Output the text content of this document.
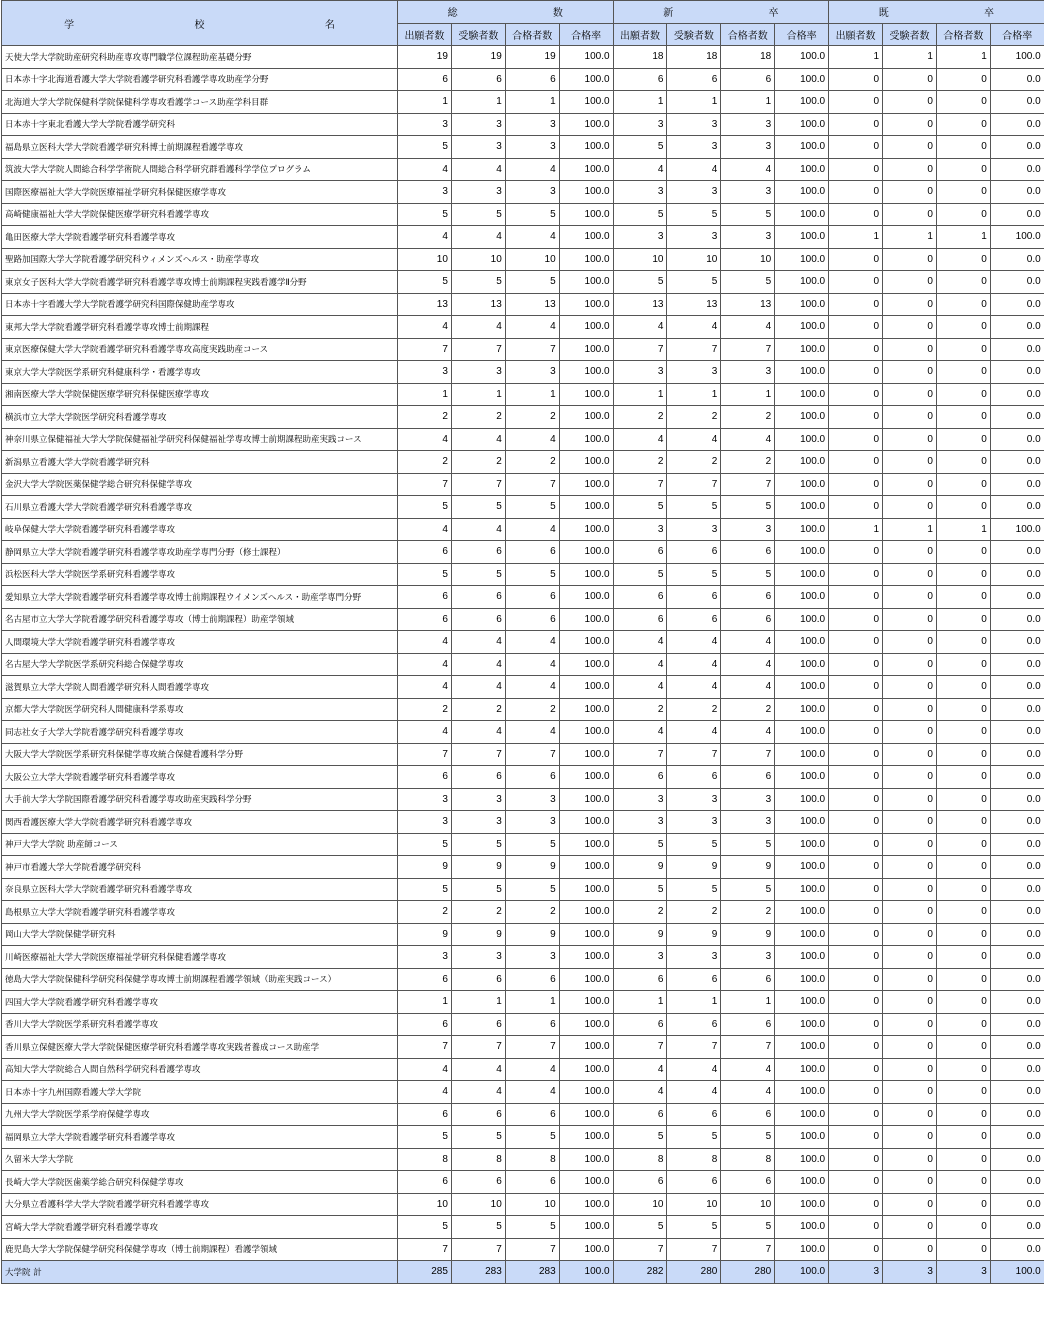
学 校 名	総 数				新 卒				既 卒			

	出願者数	受験者数	合格者数	合格率	出願者数	受験者数	合格者数	合格率	出願者数	受験者数	合格者数	合格率
天使大学大学院助産研究科助産専攻専門職学位課程助産基礎分野	19	19	19	100.0	18	18	18	100.0	1	1	1	100.0
日本赤十字北海道看護大学大学院看護学研究科看護学専攻助産学分野	6	6	6	100.0	6	6	6	100.0	0	0	0	0.0
北海道大学大学院保健科学院保健科学専攻看護学コース助産学科目群	1	1	1	100.0	1	1	1	100.0	0	0	0	0.0
日本赤十字東北看護大学大学院看護学研究科	3	3	3	100.0	3	3	3	100.0	0	0	0	0.0
福島県立医科大学大学院看護学研究科博士前期課程看護学専攻	5	3	3	100.0	5	3	3	100.0	0	0	0	0.0
筑波大学大学院人間総合科学学術院人間総合科学研究群看護科学学位プログラム	4	4	4	100.0	4	4	4	100.0	0	0	0	0.0
国際医療福祉大学大学院医療福祉学研究科保健医療学専攻	3	3	3	100.0	3	3	3	100.0	0	0	0	0.0
高崎健康福祉大学大学院保健医療学研究科看護学専攻	5	5	5	100.0	5	5	5	100.0	0	0	0	0.0
亀田医療大学大学院看護学研究科看護学専攻	4	4	4	100.0	3	3	3	100.0	1	1	1	100.0
聖路加国際大学大学院看護学研究科ウィメンズヘルス・助産学専攻	10	10	10	100.0	10	10	10	100.0	0	0	0	0.0
東京女子医科大学大学院看護学研究科看護学専攻博士前期課程実践看護学Ⅱ分野	5	5	5	100.0	5	5	5	100.0	0	0	0	0.0
日本赤十字看護大学大学院看護学研究科国際保健助産学専攻	13	13	13	100.0	13	13	13	100.0	0	0	0	0.0
東邦大学大学院看護学研究科看護学専攻博士前期課程	4	4	4	100.0	4	4	4	100.0	0	0	0	0.0
東京医療保健大学大学院看護学研究科看護学専攻高度実践助産コース	7	7	7	100.0	7	7	7	100.0	0	0	0	0.0
東京大学大学院医学系研究科健康科学・看護学専攻	3	3	3	100.0	3	3	3	100.0	0	0	0	0.0
湘南医療大学大学院保健医療学研究科保健医療学専攻	1	1	1	100.0	1	1	1	100.0	0	0	0	0.0
横浜市立大学大学院医学研究科看護学専攻	2	2	2	100.0	2	2	2	100.0	0	0	0	0.0
神奈川県立保健福祉大学大学院保健福祉学研究科保健福祉学専攻博士前期課程助産実践コース	4	4	4	100.0	4	4	4	100.0	0	0	0	0.0
新潟県立看護大学大学院看護学研究科	2	2	2	100.0	2	2	2	100.0	0	0	0	0.0
金沢大学大学院医薬保健学総合研究科保健学専攻	7	7	7	100.0	7	7	7	100.0	0	0	0	0.0
石川県立看護大学大学院看護学研究科看護学専攻	5	5	5	100.0	5	5	5	100.0	0	0	0	0.0
岐阜保健大学大学院看護学研究科看護学専攻	4	4	4	100.0	3	3	3	100.0	1	1	1	100.0
静岡県立大学大学院看護学研究科看護学専攻助産学専門分野（修士課程）	6	6	6	100.0	6	6	6	100.0	0	0	0	0.0
浜松医科大学大学院医学系研究科看護学専攻	5	5	5	100.0	5	5	5	100.0	0	0	0	0.0
愛知県立大学大学院看護学研究科看護学専攻博士前期課程ウイメンズヘルス・助産学専門分野	6	6	6	100.0	6	6	6	100.0	0	0	0	0.0
名古屋市立大学大学院看護学研究科看護学専攻（博士前期課程）助産学領域	6	6	6	100.0	6	6	6	100.0	0	0	0	0.0
人間環境大学大学院看護学研究科看護学専攻	4	4	4	100.0	4	4	4	100.0	0	0	0	0.0
名古屋大学大学院医学系研究科総合保健学専攻	4	4	4	100.0	4	4	4	100.0	0	0	0	0.0
滋賀県立大学大学院人間看護学研究科人間看護学専攻	4	4	4	100.0	4	4	4	100.0	0	0	0	0.0
京都大学大学院医学研究科人間健康科学系専攻	2	2	2	100.0	2	2	2	100.0	0	0	0	0.0
同志社女子大学大学院看護学研究科看護学専攻	4	4	4	100.0	4	4	4	100.0	0	0	0	0.0
大阪大学大学院医学系研究科保健学専攻統合保健看護科学分野	7	7	7	100.0	7	7	7	100.0	0	0	0	0.0
大阪公立大学大学院看護学研究科看護学専攻	6	6	6	100.0	6	6	6	100.0	0	0	0	0.0
大手前大学大学院国際看護学研究科看護学専攻助産実践科学分野	3	3	3	100.0	3	3	3	100.0	0	0	0	0.0
関西看護医療大学大学院看護学研究科看護学専攻	3	3	3	100.0	3	3	3	100.0	0	0	0	0.0
神戸大学大学院 助産師コース	5	5	5	100.0	5	5	5	100.0	0	0	0	0.0
神戸市看護大学大学院看護学研究科	9	9	9	100.0	9	9	9	100.0	0	0	0	0.0
奈良県立医科大学大学院看護学研究科看護学専攻	5	5	5	100.0	5	5	5	100.0	0	0	0	0.0
島根県立大学大学院看護学研究科看護学専攻	2	2	2	100.0	2	2	2	100.0	0	0	0	0.0
岡山大学大学院保健学研究科	9	9	9	100.0	9	9	9	100.0	0	0	0	0.0
川崎医療福祉大学大学院医療福祉学研究科保健看護学専攻	3	3	3	100.0	3	3	3	100.0	0	0	0	0.0
徳島大学大学院保健科学研究科保健学専攻博士前期課程看護学領域（助産実践コース）	6	6	6	100.0	6	6	6	100.0	0	0	0	0.0
四国大学大学院看護学研究科看護学専攻	1	1	1	100.0	1	1	1	100.0	0	0	0	0.0
香川大学大学院医学系研究科看護学専攻	6	6	6	100.0	6	6	6	100.0	0	0	0	0.0
香川県立保健医療大学大学院保健医療学研究科看護学専攻実践者養成コース助産学	7	7	7	100.0	7	7	7	100.0	0	0	0	0.0
高知大学大学院総合人間自然科学研究科看護学専攻	4	4	4	100.0	4	4	4	100.0	0	0	0	0.0
日本赤十字九州国際看護大学大学院	4	4	4	100.0	4	4	4	100.0	0	0	0	0.0
九州大学大学院医学系学府保健学専攻	6	6	6	100.0	6	6	6	100.0	0	0	0	0.0
福岡県立大学大学院看護学研究科看護学専攻	5	5	5	100.0	5	5	5	100.0	0	0	0	0.0
久留米大学大学院	8	8	8	100.0	8	8	8	100.0	0	0	0	0.0
長崎大学大学院医歯薬学総合研究科保健学専攻	6	6	6	100.0	6	6	6	100.0	0	0	0	0.0
大分県立看護科学大学大学院看護学研究科看護学専攻	10	10	10	100.0	10	10	10	100.0	0	0	0	0.0
宮崎大学大学院看護学研究科看護学専攻	5	5	5	100.0	5	5	5	100.0	0	0	0	0.0
鹿児島大学大学院保健学研究科保健学専攻（博士前期課程）看護学領域	7	7	7	100.0	7	7	7	100.0	0	0	0	0.0
大学院 計	285	283	283	100.0	282	280	280	100.0	3	3	3	100.0
